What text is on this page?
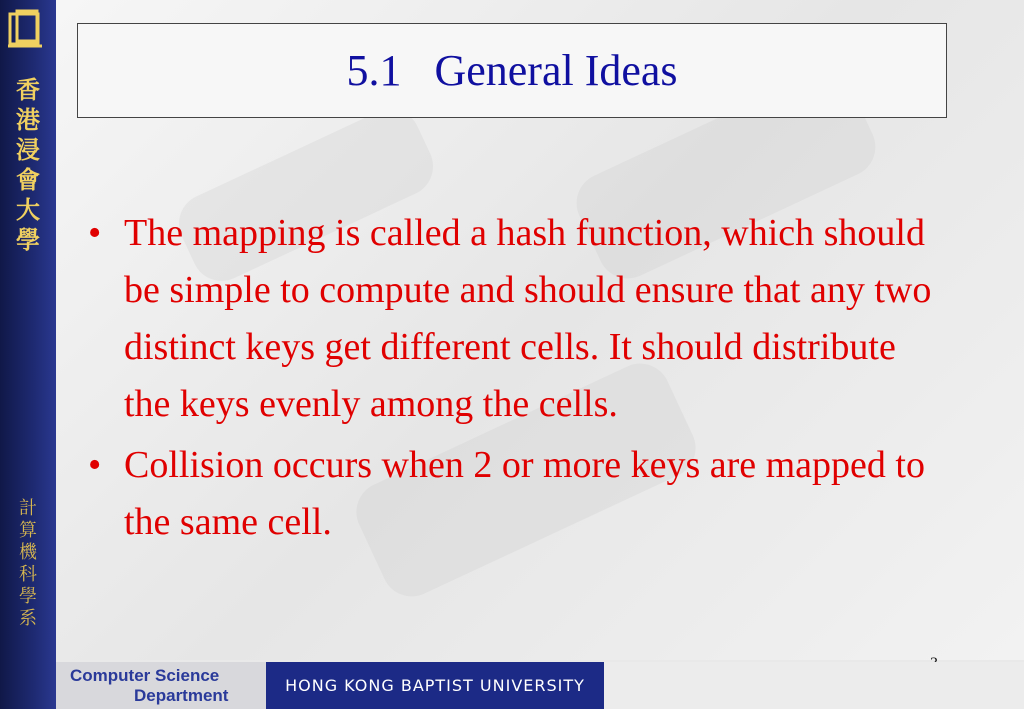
香
港
浸
會
大
學
計
算
機
科
學
系
5.1   General Ideas
• The mapping is called a hash function, which should be simple to compute and should ensure that any two distinct keys get different cells. It should distribute the keys evenly among the cells.
• Collision occurs when 2 or more keys are mapped to the same cell.
Computer Science
Department
HONG KONG BAPTIST UNIVERSITY
